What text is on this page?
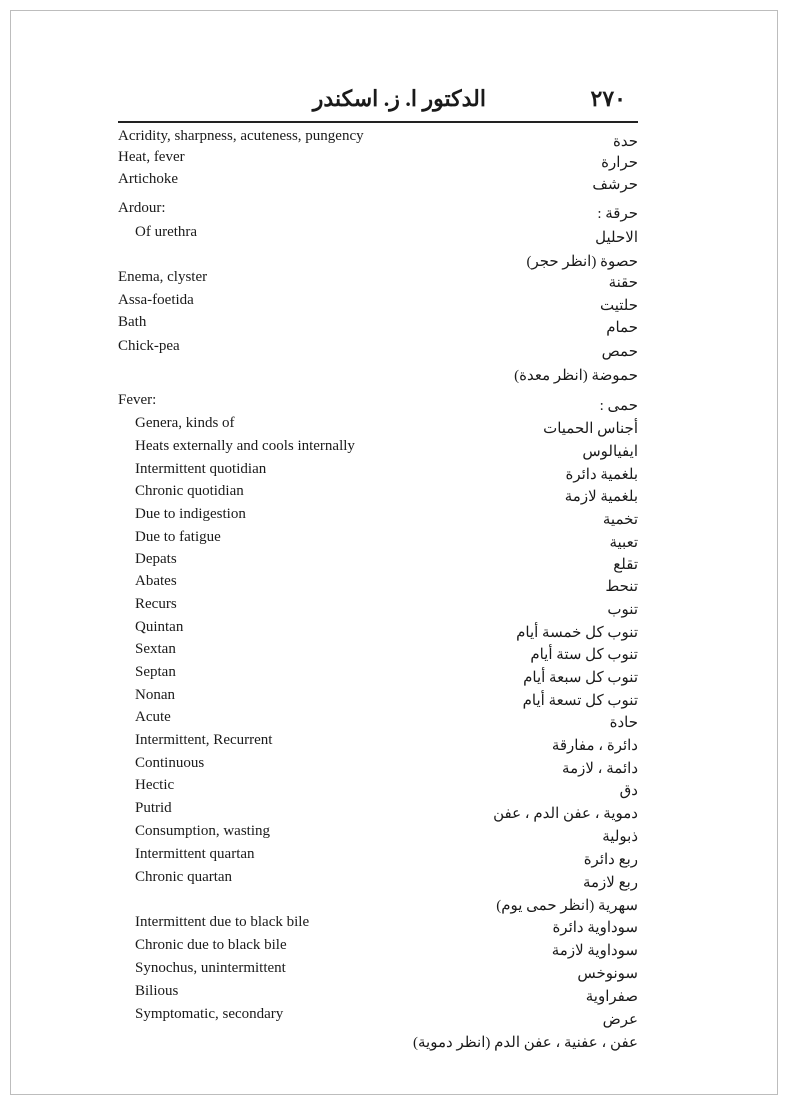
الدكتور ا. ز. اسكندر	٢٧٠
Acridity, sharpness, acuteness, pungency	حدة
Heat, fever	حرارة
Artichoke	حرشف
Ardour:	حرقة :
Of urethra	الاحليل
حصوة (انظر حجر)
Enema, clyster	حقنة
Assa-foetida	حلتيت
Bath	حمام
Chick-pea	حمص
حموضة (انظر معدة)
Fever:	حمى :
Genera, kinds of	أجناس الحميات
Heats externally and cools internally	ايفيالوس
Intermittent quotidian	بلغمية دائرة
Chronic quotidian	بلغمية لازمة
Due to indigestion	تخمية
Due to fatigue	تعبية
Depats	تقلع
Abates	تنحط
Recurs	تنوب
Quintan	تنوب كل خمسة أيام
Sextan	تنوب كل ستة أيام
Septan	تنوب كل سبعة أيام
Nonan	تنوب كل تسعة أيام
Acute	حادة
Intermittent, Recurrent	دائرة ، مفارقة
Continuous	دائمة ، لازمة
Hectic	دق
Putrid	دموية ، عفن الدم ، عفن
Consumption, wasting	ذبولية
Intermittent quartan	ربع دائرة
Chronic quartan	ربع لازمة
سهرية (انظر حمى يوم)
Intermittent due to black bile	سوداوية دائرة
Chronic due to black bile	سوداوية لازمة
Synochus, unintermittent	سونوخس
Bilious	صفراوية
Symptomatic, secondary	عرض
عفن ، عفنية ، عفن الدم (انظر دموية)
